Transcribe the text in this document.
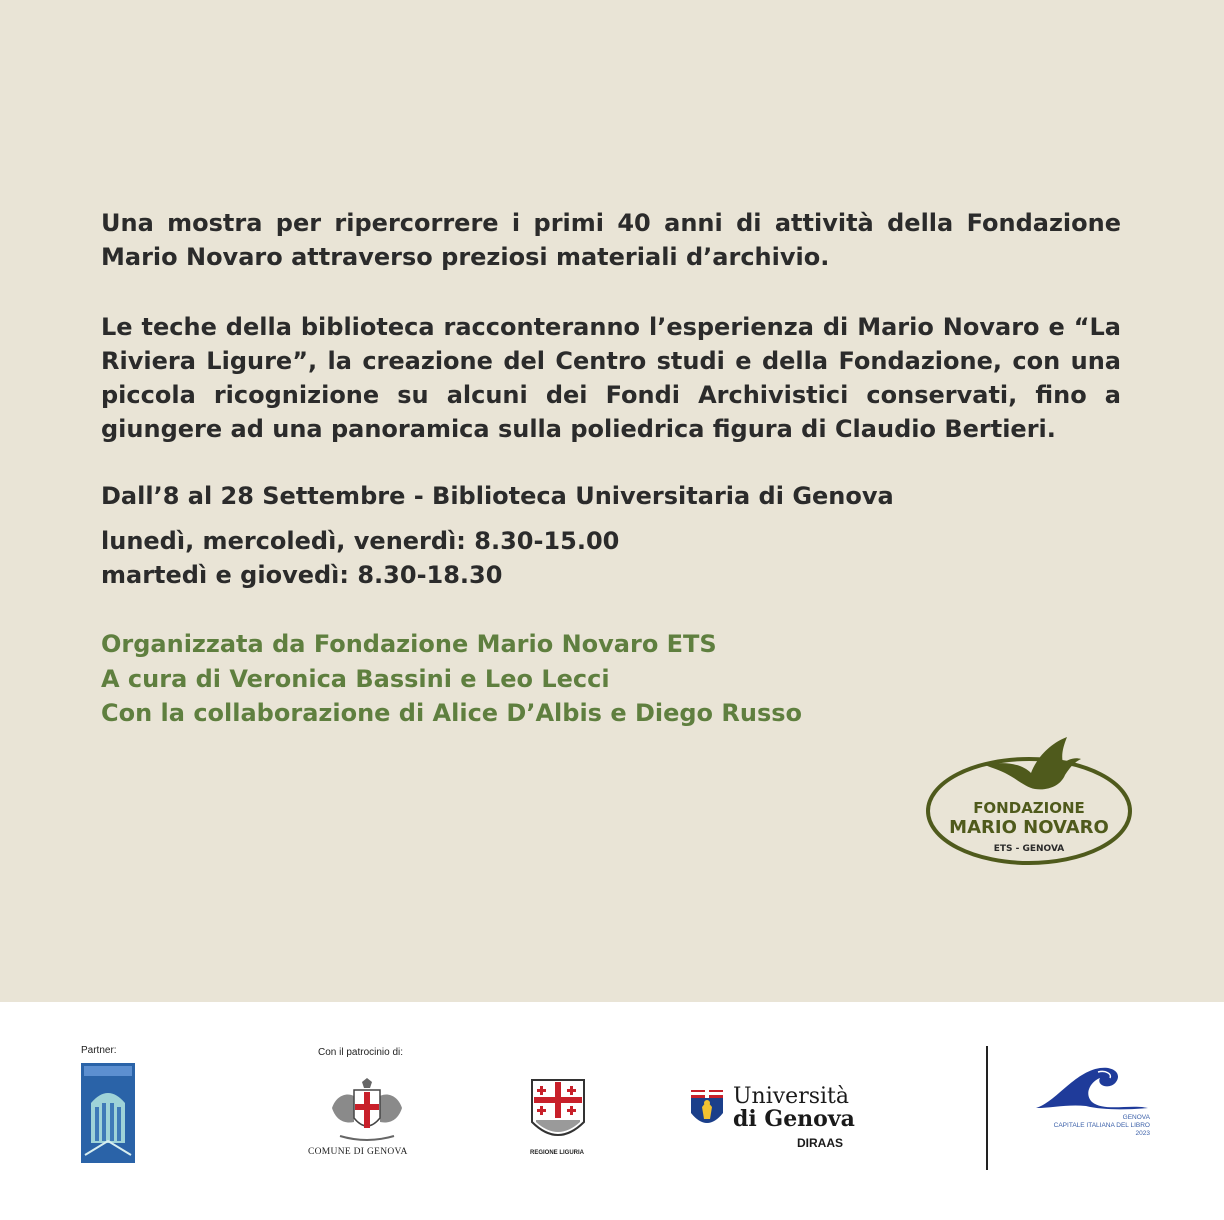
Una mostra per ripercorrere i primi 40 anni di attività della Fondazione Mario Novaro attraverso preziosi materiali d’archivio.
Le teche della biblioteca racconteranno l’esperienza di Mario Novaro e “La Riviera Ligure”, la creazione del Centro studi e della Fondazione, con una piccola ricognizione su alcuni dei Fondi Archivistici conservati, fino a giungere ad una panoramica sulla poliedrica figura di Claudio Bertieri.
Dall’8 al 28 Settembre - Biblioteca Universitaria di Genova
lunedì, mercoledì, venerdì: 8.30-15.00
martedì e giovedì: 8.30-18.30
Organizzata da Fondazione Mario Novaro ETS
A cura di Veronica Bassini e Leo Lecci
Con la collaborazione di Alice D’Albis e Diego Russo
FONDAZIONE
MARIO NOVARO
ETS - GENOVA
Partner:	Con il patrocinio di:
COMUNE DI GENOVA	REGIONE LIGURIA
Università
di Genova
DIRAAS
GENOVA
CAPITALE ITALIANA DEL LIBRO
2023
